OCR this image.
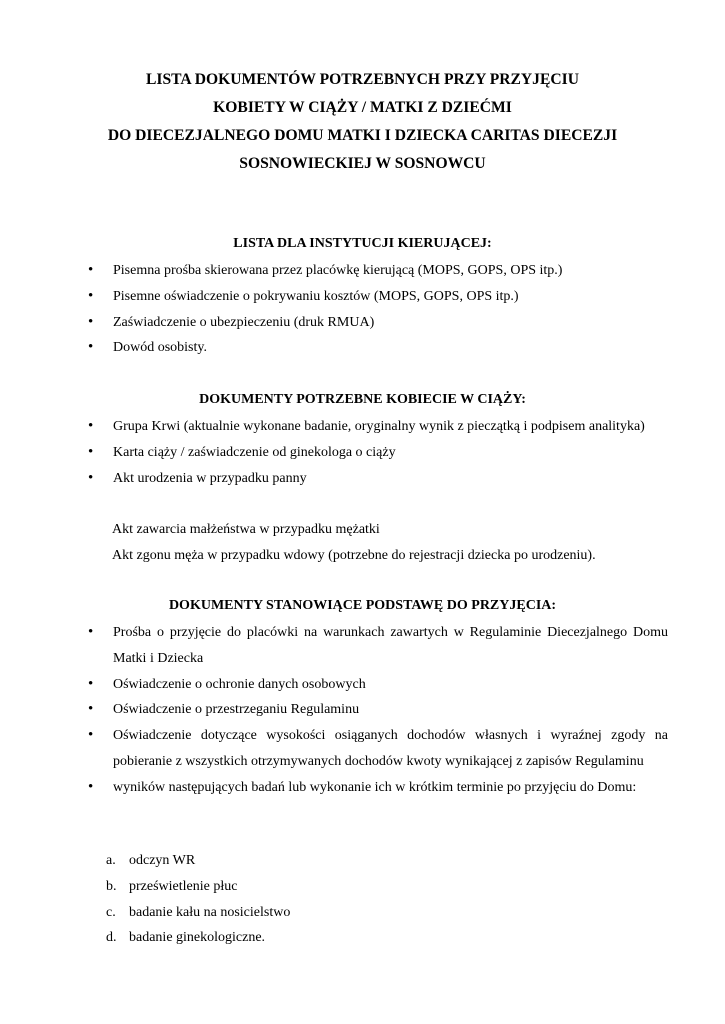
LISTA DOKUMENTÓW POTRZEBNYCH PRZY PRZYJĘCIU
KOBIETY W CIĄŻY / MATKI Z DZIEĆMI
DO DIECEZJALNEGO DOMU MATKI I DZIECKA CARITAS DIECEZJI
SOSNOWIECKIEJ W SOSNOWCU
LISTA DLA INSTYTUCJI KIERUJĄCEJ:
• Pisemna prośba skierowana przez placówkę kierującą (MOPS, GOPS, OPS itp.)
• Pisemne oświadczenie o pokrywaniu kosztów (MOPS, GOPS, OPS itp.)
• Zaświadczenie o ubezpieczeniu (druk RMUA)
• Dowód osobisty.
DOKUMENTY POTRZEBNE KOBIECIE W CIĄŻY:
• Grupa Krwi (aktualnie wykonane badanie, oryginalny wynik z pieczątką i podpisem analityka)
• Karta ciąży / zaświadczenie od ginekologa o ciąży
• Akt urodzenia w przypadku panny
Akt zawarcia małżeństwa w przypadku mężatki
Akt zgonu męża w przypadku wdowy (potrzebne do rejestracji dziecka po urodzeniu).
DOKUMENTY STANOWIĄCE PODSTAWĘ DO PRZYJĘCIA:
• Prośba o przyjęcie do placówki na warunkach zawartych w Regulaminie Diecezjalnego Domu Matki i Dziecka
• Oświadczenie o ochronie danych osobowych
• Oświadczenie o przestrzeganiu Regulaminu
• Oświadczenie dotyczące wysokości osiąganych dochodów własnych i wyraźnej zgody na pobieranie z wszystkich otrzymywanych dochodów kwoty wynikającej z zapisów Regulaminu
• wyników następujących badań lub wykonanie ich w krótkim terminie po przyjęciu do Domu:
a. odczyn WR
b. prześwietlenie płuc
c. badanie kału na nosicielstwo
d. badanie ginekologiczne.
